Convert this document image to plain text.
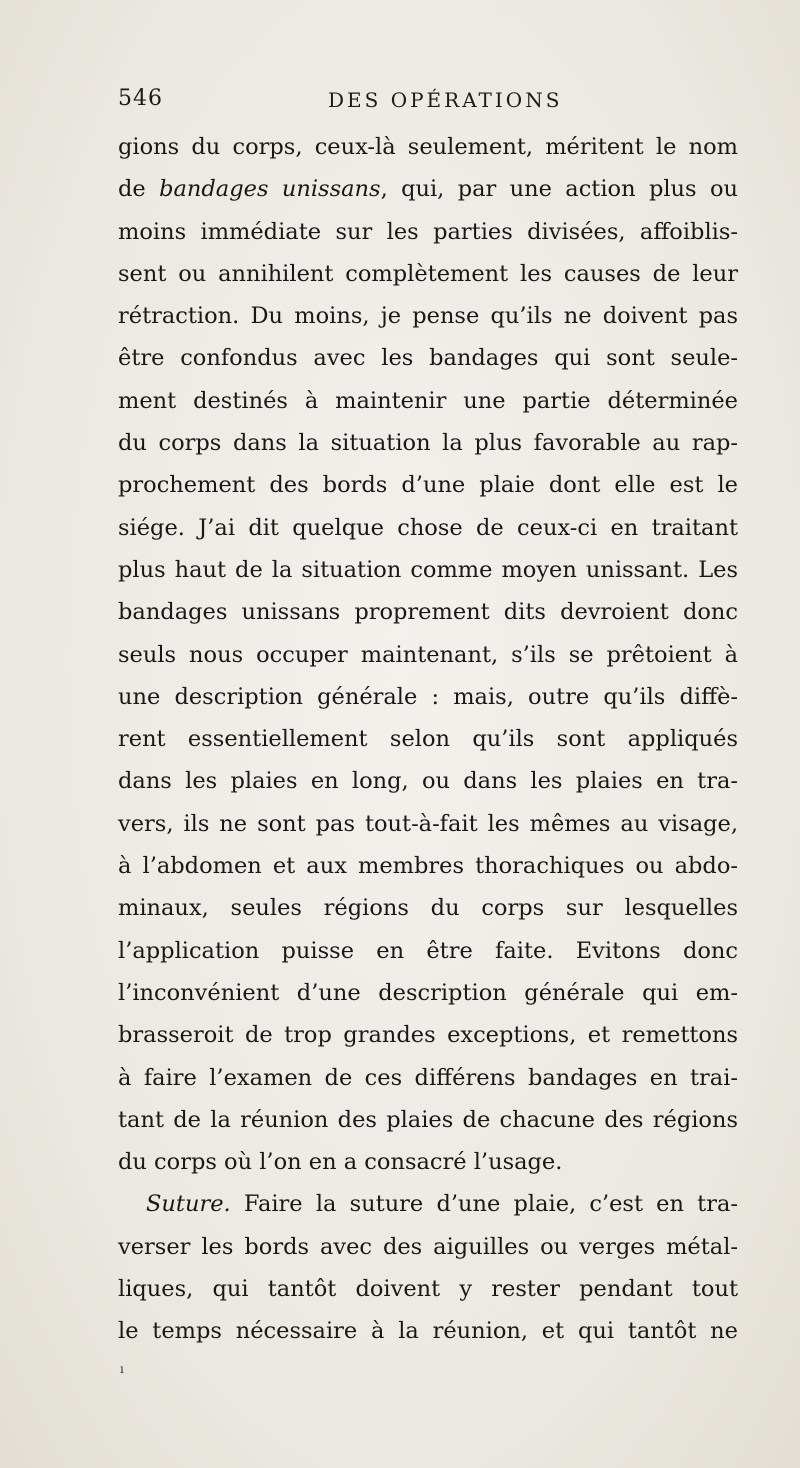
546	DES OPÉRATIONS
gions du corps, ceux-là seulement, méritent le nom
de bandages unissans, qui, par une action plus ou
moins immédiate sur les parties divisées, affoiblis-
sent ou annihilent complètement les causes de leur
rétraction. Du moins, je pense qu’ils ne doivent pas
être confondus avec les bandages qui sont seule-
ment destinés à maintenir une partie déterminée
du corps dans la situation la plus favorable au rap-
prochement des bords d’une plaie dont elle est le
siége. J’ai dit quelque chose de ceux-ci en traitant
plus haut de la situation comme moyen unissant. Les
bandages unissans proprement dits devroient donc
seuls nous occuper maintenant, s’ils se prêtoient à
une description générale : mais, outre qu’ils diffè-
rent essentiellement selon qu’ils sont appliqués
dans les plaies en long, ou dans les plaies en tra-
vers, ils ne sont pas tout-à-fait les mêmes au visage,
à l’abdomen et aux membres thorachiques ou abdo-
minaux, seules régions du corps sur lesquelles
l’application puisse en être faite. Evitons donc
l’inconvénient d’une description générale qui em-
brasseroit de trop grandes exceptions, et remettons
à faire l’examen de ces différens bandages en trai-
tant de la réunion des plaies de chacune des régions
du corps où l’on en a consacré l’usage.
Suture. Faire la suture d’une plaie, c’est en tra-
verser les bords avec des aiguilles ou verges métal-
liques, qui tantôt doivent y rester pendant tout
le temps nécessaire à la réunion, et qui tantôt ne
ı
